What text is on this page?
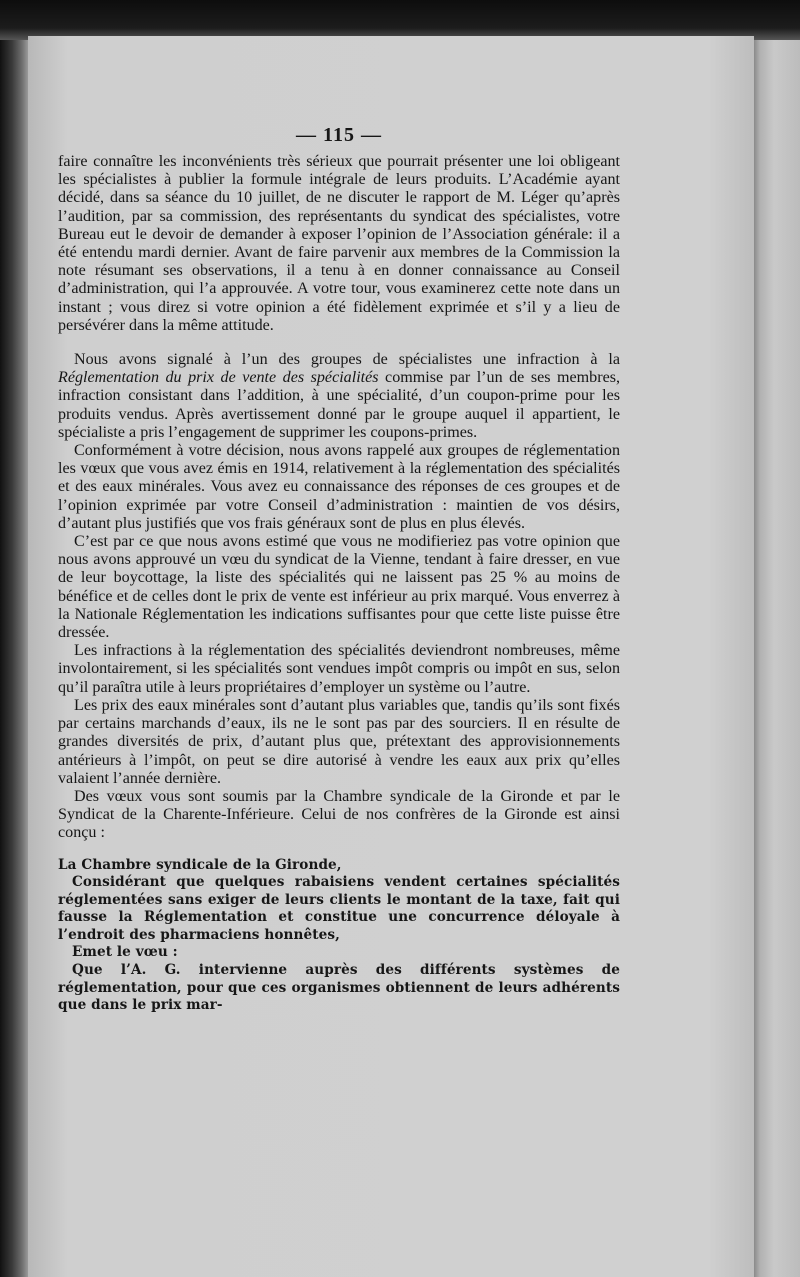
— 115 —

faire connaître les inconvénients très sérieux que pourrait présenter une loi obligeant les spécialistes à publier la formule intégrale de leurs produits. L’Académie ayant décidé, dans sa séance du 10 juillet, de ne discuter le rapport de M. Léger qu’après l’audition, par sa commission, des représentants du syndicat des spécialistes, votre Bureau eut le devoir de demander à exposer l’opinion de l’Association générale: il a été entendu mardi dernier. Avant de faire parvenir aux membres de la Commission la note résumant ses observations, il a tenu à en donner connaissance au Conseil d’administration, qui l’a approuvée. A votre tour, vous examinerez cette note dans un instant ; vous direz si votre opinion a été fidèlement exprimée et s’il y a lieu de persévérer dans la même attitude.

Nous avons signalé à l’un des groupes de spécialistes une infraction à la Réglementation du prix de vente des spécialités commise par l’un de ses membres, infraction consistant dans l’addition, à une spécialité, d’un coupon-prime pour les produits vendus. Après avertissement donné par le groupe auquel il appartient, le spécialiste a pris l’engagement de supprimer les coupons-primes.

Conformément à votre décision, nous avons rappelé aux groupes de réglementation les vœux que vous avez émis en 1914, relativement à la réglementation des spécialités et des eaux minérales. Vous avez eu connaissance des réponses de ces groupes et de l’opinion exprimée par votre Conseil d’administration : maintien de vos désirs, d’autant plus justifiés que vos frais généraux sont de plus en plus élevés.

C’est par ce que nous avons estimé que vous ne modifieriez pas votre opinion que nous avons approuvé un vœu du syndicat de la Vienne, tendant à faire dresser, en vue de leur boycottage, la liste des spécialités qui ne laissent pas 25 % au moins de bénéfice et de celles dont le prix de vente est inférieur au prix marqué. Vous enverrez à la Nationale Réglementation les indications suffisantes pour que cette liste puisse être dressée.

Les infractions à la réglementation des spécialités deviendront nombreuses, même involontairement, si les spécialités sont vendues impôt compris ou impôt en sus, selon qu’il paraîtra utile à leurs propriétaires d’employer un système ou l’autre.

Les prix des eaux minérales sont d’autant plus variables que, tandis qu’ils sont fixés par certains marchands d’eaux, ils ne le sont pas par des sourciers. Il en résulte de grandes diversités de prix, d’autant plus que, prétextant des approvisionnements antérieurs à l’impôt, on peut se dire autorisé à vendre les eaux aux prix qu’elles valaient l’année dernière.

Des vœux vous sont soumis par la Chambre syndicale de la Gironde et par le Syndicat de la Charente-Inférieure. Celui de nos confrères de la Gironde est ainsi conçu :

La Chambre syndicale de la Gironde,

Considérant que quelques rabaisiens vendent certaines spécialités réglementées sans exiger de leurs clients le montant de la taxe, fait qui fausse la Réglementation et constitue une concurrence déloyale à l’endroit des pharmaciens honnêtes,

Emet le vœu :

Que l’A. G. intervienne auprès des différents systèmes de réglementation, pour que ces organismes obtiennent de leurs adhérents que dans le prix mar-
